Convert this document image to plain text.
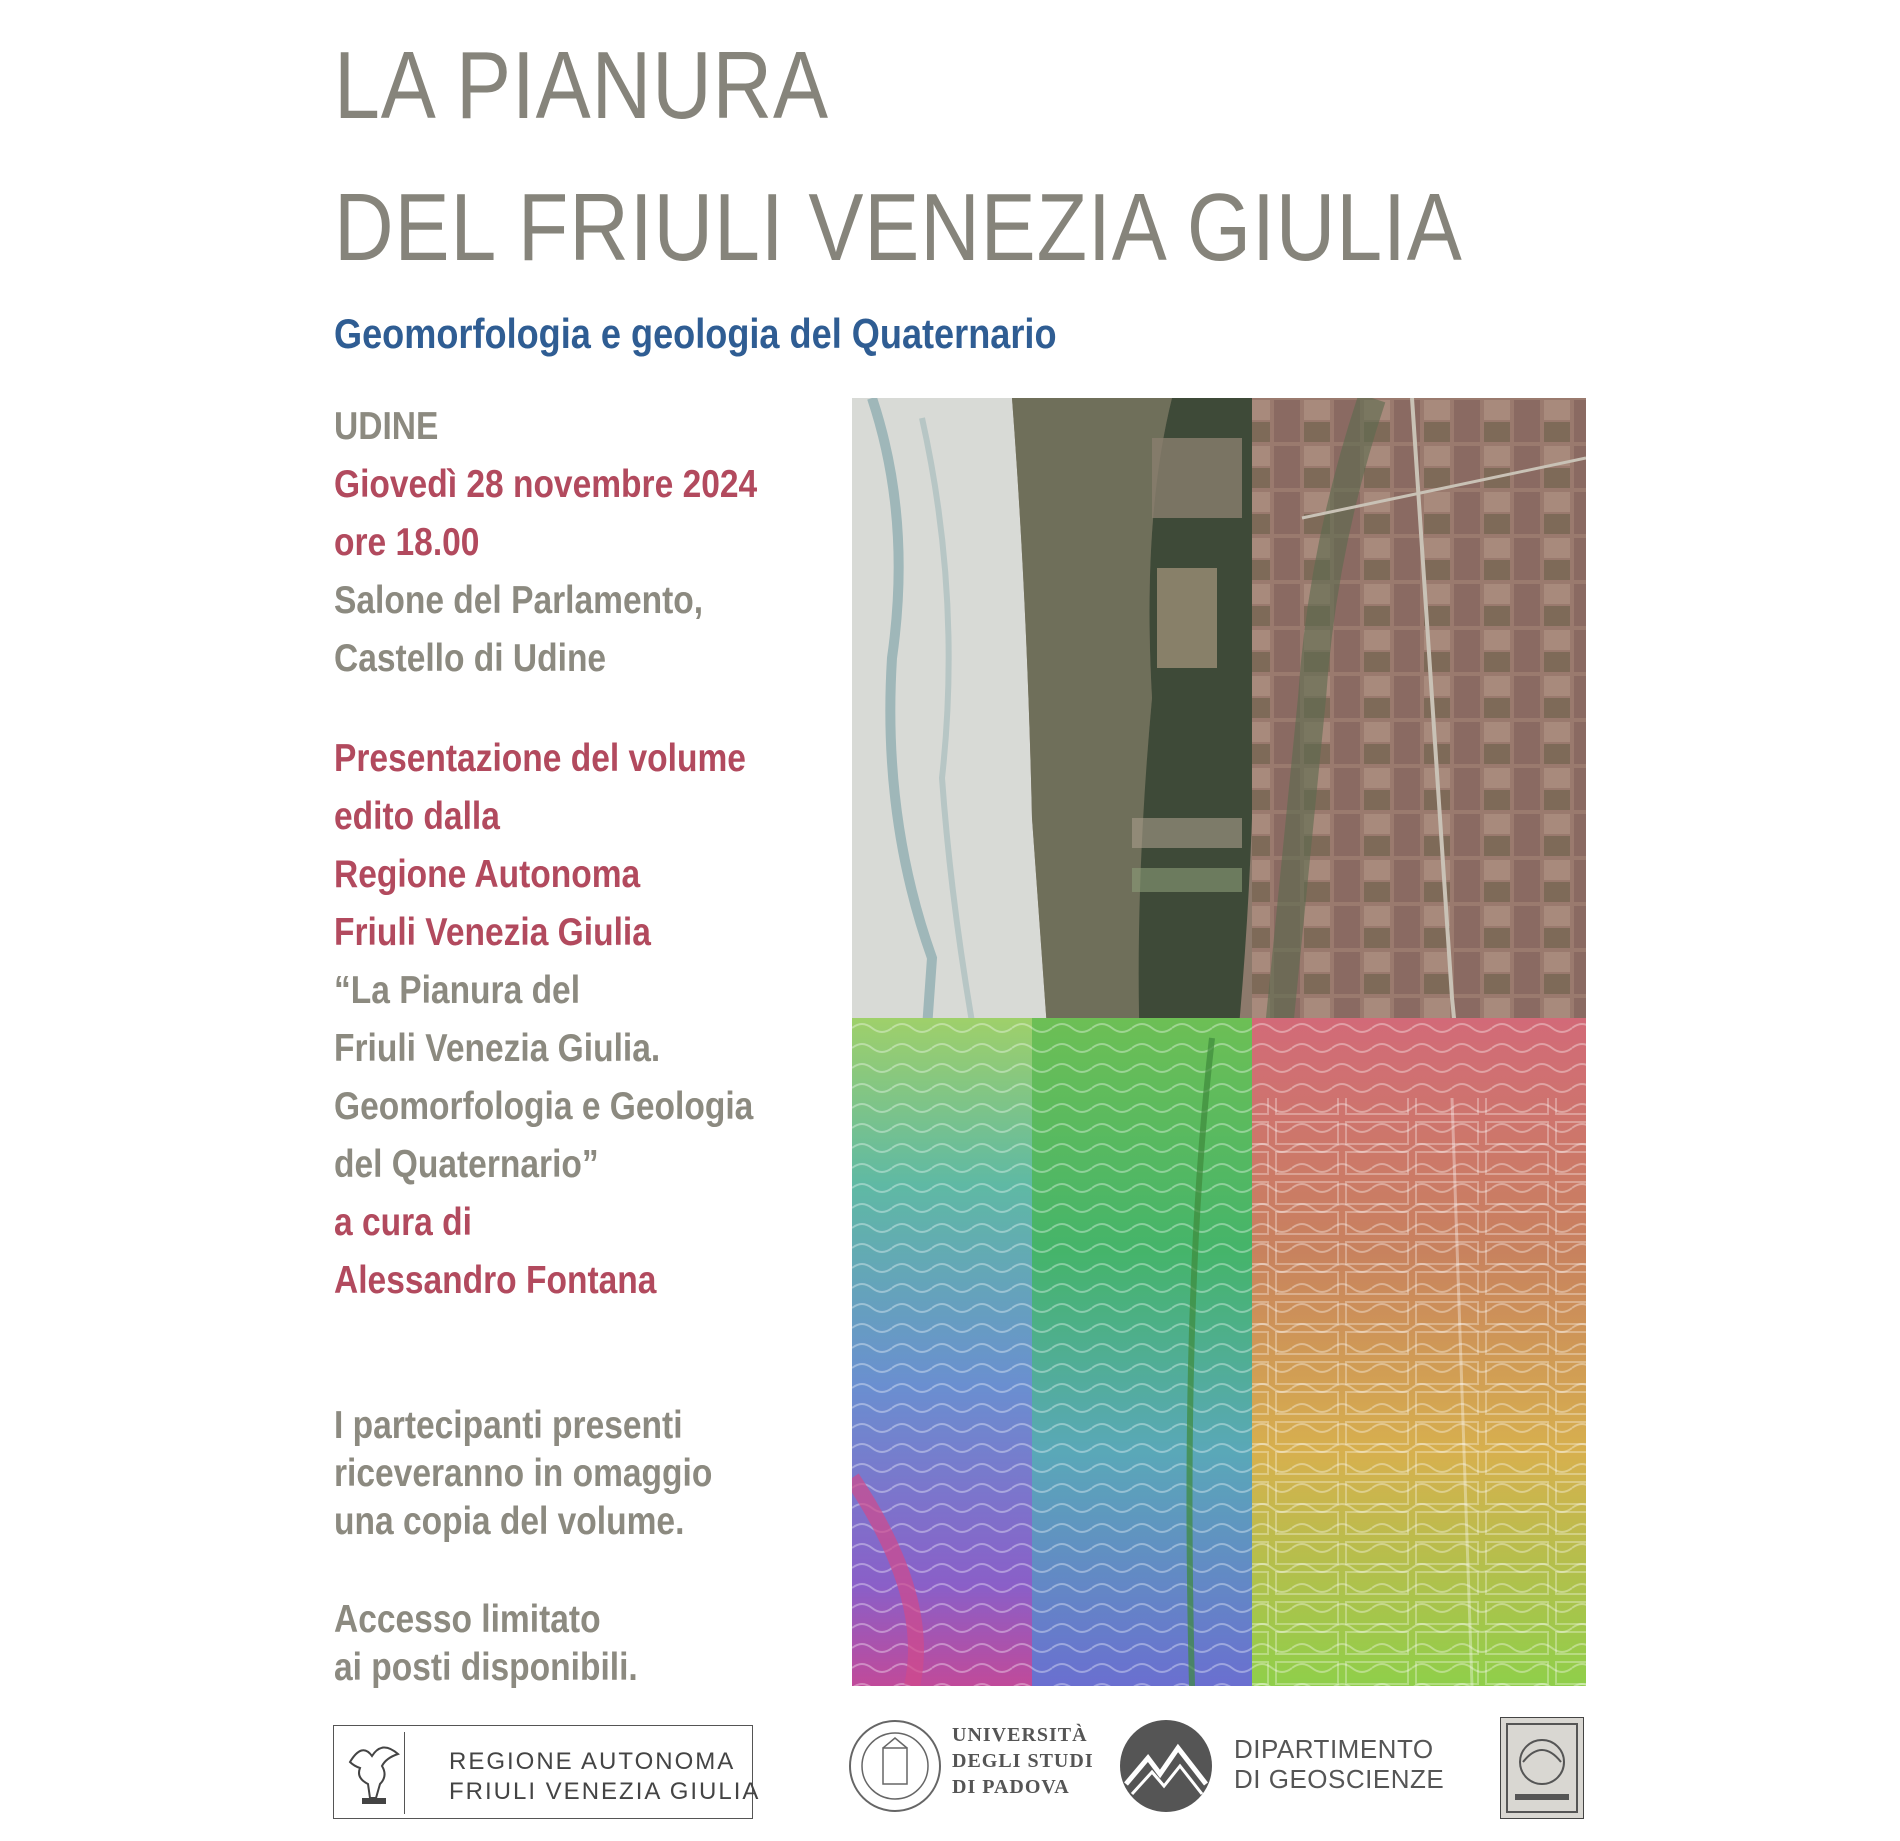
LA PIANURA
DEL FRIULI VENEZIA GIULIA
Geomorfologia e geologia del Quaternario
UDINE
Giovedì 28 novembre 2024
ore 18.00
Salone del Parlamento,
Castello di Udine
Presentazione del volume
edito dalla
Regione Autonoma
Friuli Venezia Giulia
“La Pianura del
Friuli Venezia Giulia.
Geomorfologia e Geologia
del Quaternario”
a cura di
Alessandro Fontana
I partecipanti presenti
riceveranno in omaggio
una copia del volume.
Accesso limitato
ai posti disponibili.
REGIONE AUTONOMA
FRIULI VENEZIA GIULIA
UNIVERSITÀ
DEGLI STUDI
DI PADOVA
DIPARTIMENTO
DI GEOSCIENZE
